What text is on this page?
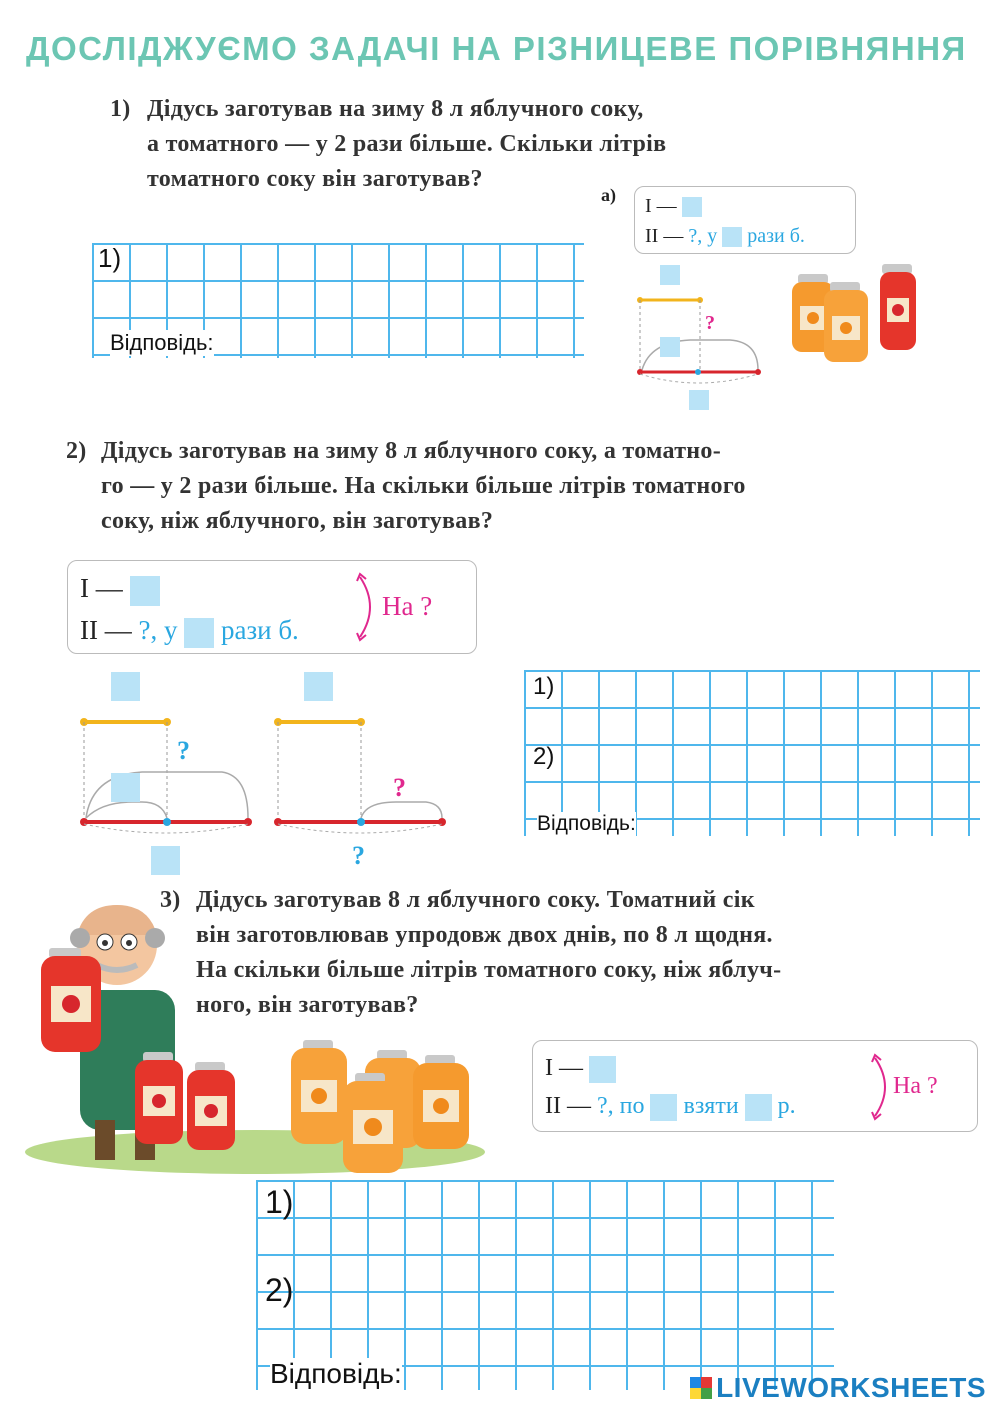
ДОСЛІДЖУЄМО ЗАДАЧІ НА РІЗНИЦЕВЕ ПОРІВНЯННЯ
1) Дідусь заготував на зиму 8 л яблучного соку,
а томатного — у 2 рази більше. Скільки літрів
томатного соку він заготував?
1)
Відповідь:
а) I —
II — ?, у рази б.
?
2) Дідусь заготував на зиму 8 л яблучного соку, а томатно-
го — у 2 рази більше. На скільки більше літрів томатного
соку, ніж яблучного, він заготував?
I —
II — ?, у рази б.
На ?
?
?
?
1)
2)
Відповідь:
3) Дідусь заготував 8 л яблучного соку. Томатний сік
він заготовлював упродовж двох днів, по 8 л щодня.
На скільки більше літрів томатного соку, ніж яблуч-
ного, він заготував?
I —
II — ?, по взяти р.
На ?
1)
2)
Відповідь:	LIVEWORKSHEETS
